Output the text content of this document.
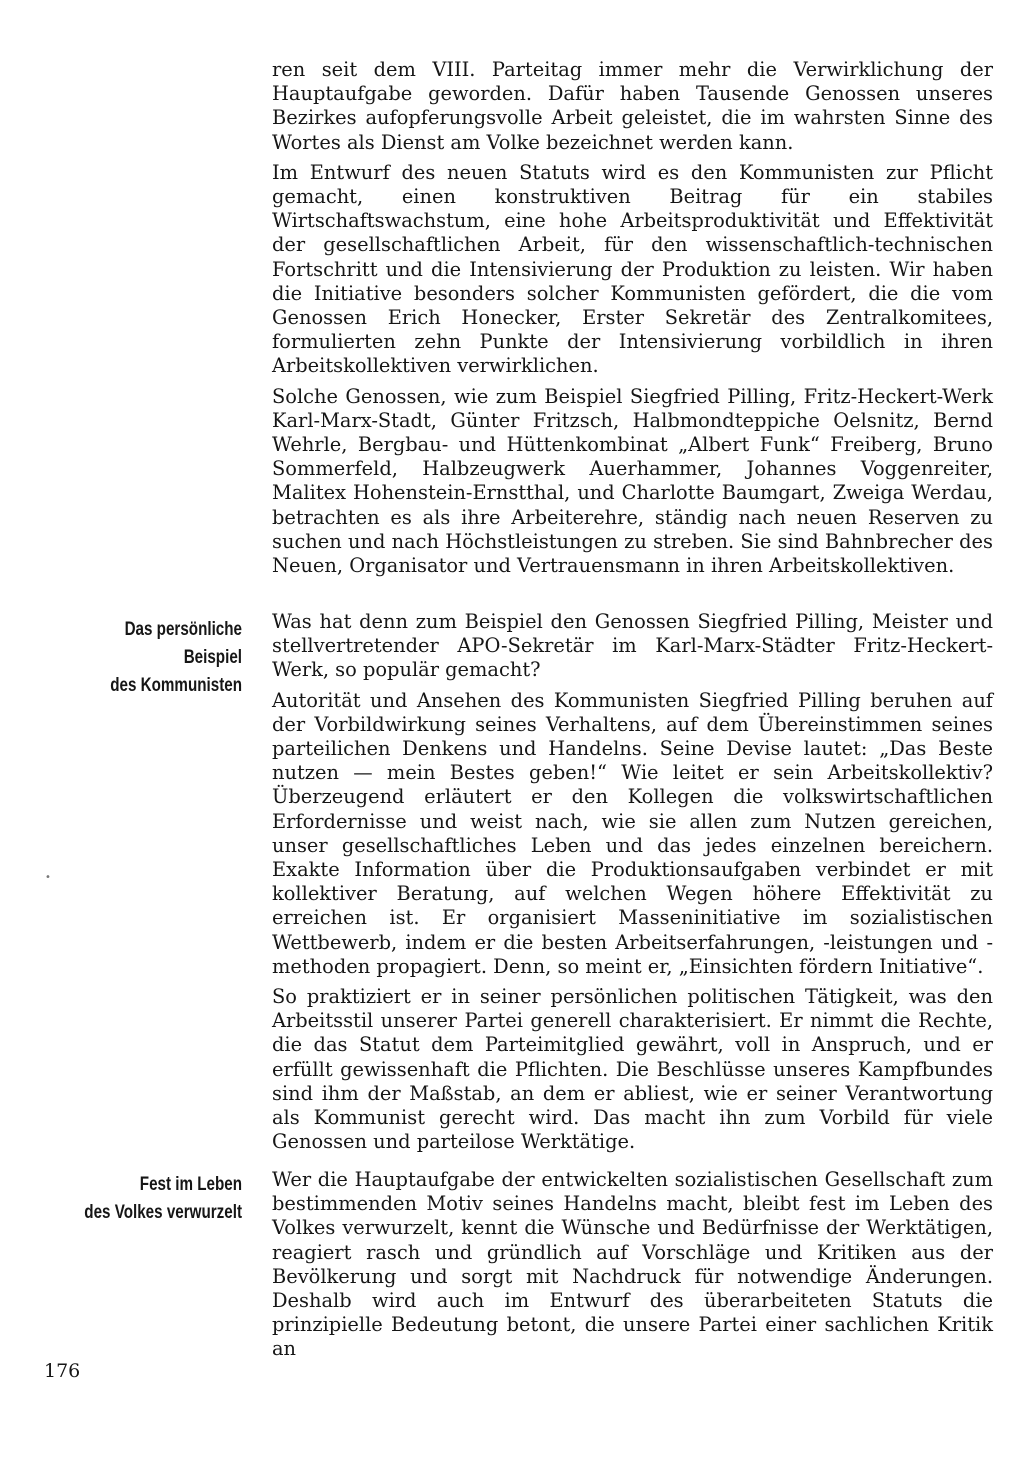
ren seit dem VIII. Parteitag immer mehr die Verwirklichung der Hauptaufgabe geworden. Dafür haben Tausende Genossen unseres Bezirkes aufopferungsvolle Arbeit geleistet, die im wahrsten Sinne des Wortes als Dienst am Volke bezeichnet werden kann.

Im Entwurf des neuen Statuts wird es den Kommunisten zur Pflicht gemacht, einen konstruktiven Beitrag für ein stabiles Wirtschaftswachstum, eine hohe Arbeitsproduktivität und Effektivität der gesellschaftlichen Arbeit, für den wissenschaftlich-technischen Fortschritt und die Intensivierung der Produktion zu leisten. Wir haben die Initiative besonders solcher Kommunisten gefördert, die die vom Genossen Erich Honecker, Erster Sekretär des Zentralkomitees, formulierten zehn Punkte der Intensivierung vorbildlich in ihren Arbeitskollektiven verwirklichen.

Solche Genossen, wie zum Beispiel Siegfried Pilling, Fritz-Heckert-Werk Karl-Marx-Stadt, Günter Fritzsch, Halbmondteppiche Oelsnitz, Bernd Wehrle, Bergbau- und Hüttenkombinat „Albert Funk“ Freiberg, Bruno Sommerfeld, Halbzeugwerk Auerhammer, Johannes Voggenreiter, Malitex Hohenstein-Ernstthal, und Charlotte Baumgart, Zweiga Werdau, betrachten es als ihre Arbeiterehre, ständig nach neuen Reserven zu suchen und nach Höchstleistungen zu streben. Sie sind Bahnbrecher des Neuen, Organisator und Vertrauensmann in ihren Arbeitskollektiven.

Das persönliche
Beispiel
des Kommunisten

Was hat denn zum Beispiel den Genossen Siegfried Pilling, Meister und stellvertretender APO-Sekretär im Karl-Marx-Städter Fritz-Heckert-Werk, so populär gemacht?

Autorität und Ansehen des Kommunisten Siegfried Pilling beruhen auf der Vorbildwirkung seines Verhaltens, auf dem Übereinstimmen seines parteilichen Denkens und Handelns. Seine Devise lautet: „Das Beste nutzen — mein Bestes geben!“ Wie leitet er sein Arbeitskollektiv? Überzeugend erläutert er den Kollegen die volkswirtschaftlichen Erfordernisse und weist nach, wie sie allen zum Nutzen gereichen, unser gesellschaftliches Leben und das jedes einzelnen bereichern. Exakte Information über die Produktionsaufgaben verbindet er mit kollektiver Beratung, auf welchen Wegen höhere Effektivität zu erreichen ist. Er organisiert Masseninitiative im sozialistischen Wettbewerb, indem er die besten Arbeitserfahrungen, -leistungen und -methoden propagiert. Denn, so meint er, „Einsichten fördern Initiative“.

So praktiziert er in seiner persönlichen politischen Tätigkeit, was den Arbeitsstil unserer Partei generell charakterisiert. Er nimmt die Rechte, die das Statut dem Parteimitglied gewährt, voll in Anspruch, und er erfüllt gewissenhaft die Pflichten. Die Beschlüsse unseres Kampfbundes sind ihm der Maßstab, an dem er abliest, wie er seiner Verantwortung als Kommunist gerecht wird. Das macht ihn zum Vorbild für viele Genossen und parteilose Werktätige.

Fest im Leben
des Volkes verwurzelt

Wer die Hauptaufgabe der entwickelten sozialistischen Gesellschaft zum bestimmenden Motiv seines Handelns macht, bleibt fest im Leben des Volkes verwurzelt, kennt die Wünsche und Bedürfnisse der Werktätigen, reagiert rasch und gründlich auf Vorschläge und Kritiken aus der Bevölkerung und sorgt mit Nachdruck für notwendige Änderungen. Deshalb wird auch im Entwurf des überarbeiteten Statuts die prinzipielle Bedeutung betont, die unsere Partei einer sachlichen Kritik an

•
176
